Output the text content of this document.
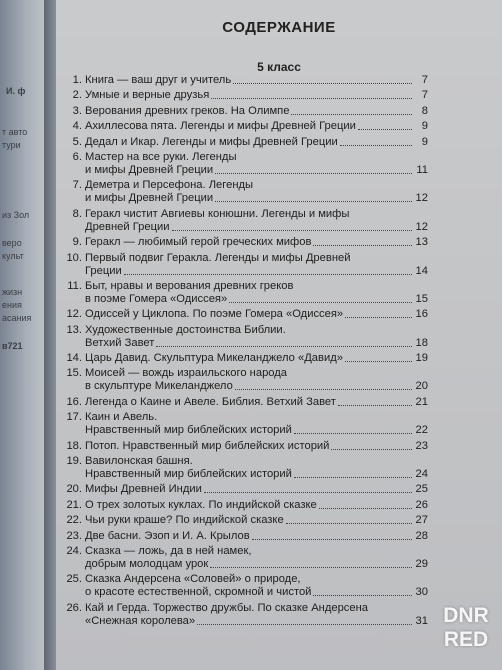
И. ф
т авто
тури
из Зол
веро
культ
жизн
ения
асания
в721
СОДЕРЖАНИЕ
5 класс
1. Книга — ваш друг и учитель	7
2. Умные и верные друзья	7
3. Верования древних греков. На Олимпе	8
4. Ахиллесова пята. Легенды и мифы Древней Греции	9
5. Дедал и Икар. Легенды и мифы Древней Греции	9
6. Мастер на все руки. Легенды
и мифы Древней Греции	11
7. Деметра и Персефона. Легенды
и мифы Древней Греции	12
8. Геракл чистит Авгиевы конюшни. Легенды и мифы
Древней Греции	12
9. Геракл — любимый герой греческих мифов	13
10. Первый подвиг Геракла. Легенды и мифы Древней
Греции	14
11. Быт, нравы и верования древних греков
в поэме Гомера «Одиссея»	15
12. Одиссей у Циклопа. По поэме Гомера «Одиссея»	16
13. Художественные достоинства Библии.
Ветхий Завет	18
14. Царь Давид. Скульптура Микеланджело «Давид»	19
15. Моисей — вождь израильского народа
в скульптуре Микеланджело	20
16. Легенда о Каине и Авеле. Библия. Ветхий Завет	21
17. Каин и Авель.
Нравственный мир библейских историй	22
18. Потоп. Нравственный мир библейских историй	23
19. Вавилонская башня.
Нравственный мир библейских историй	24
20. Мифы Древней Индии	25
21. О трех золотых куклах. По индийской сказке	26
22. Чьи руки краше? По индийской сказке	27
23. Две басни. Эзоп и И. А. Крылов	28
24. Сказка — ложь, да в ней намек,
добрым молодцам урок	29
25. Сказка Андерсена «Соловей» о природе,
о красоте естественной, скромной и чистой	30
26. Кай и Герда. Торжество дружбы. По сказке Андерсена
«Снежная королева»	31 DNR
RED
